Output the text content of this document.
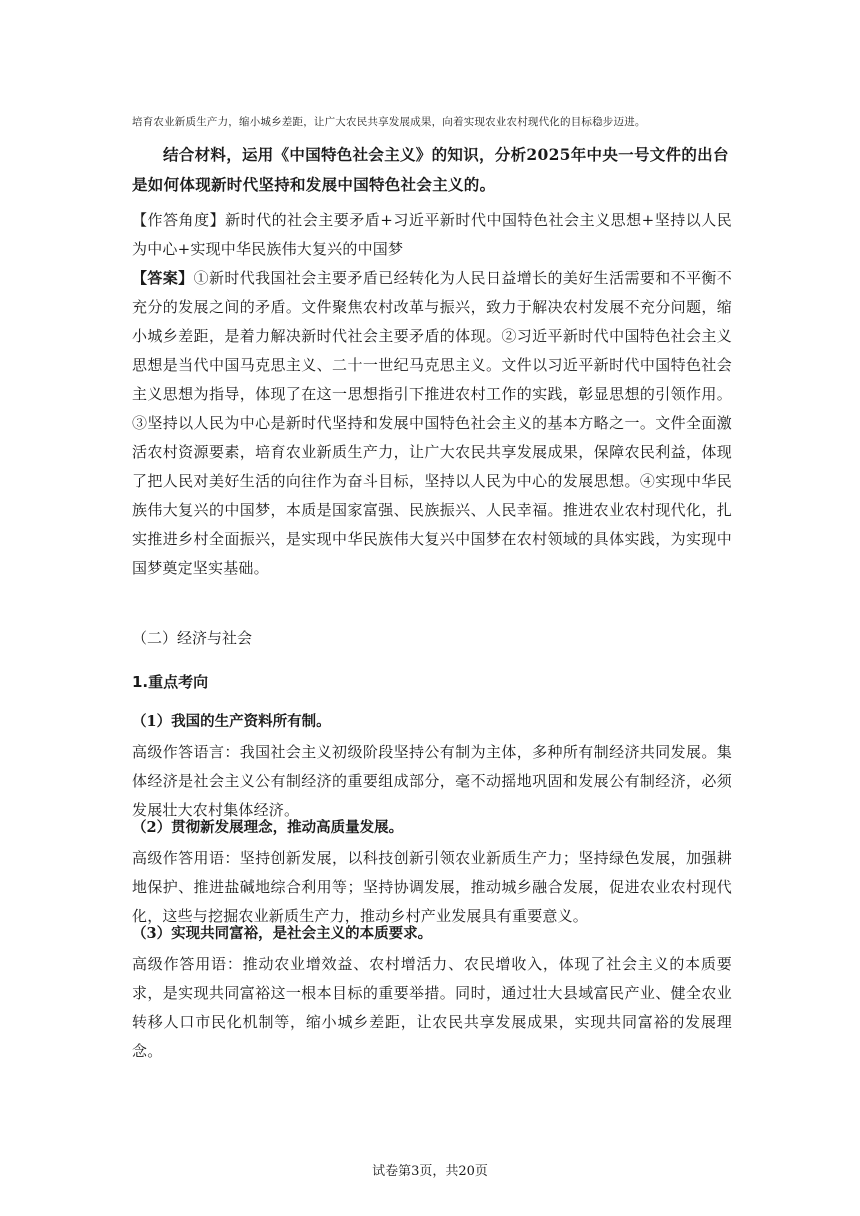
培育农业新质生产力，缩小城乡差距，让广大农民共享发展成果，向着实现农业农村现代化的目标稳步迈进。

结合材料，运用《中国特色社会主义》的知识，分析2025年中央一号文件的出台是如何体现新时代坚持和发展中国特色社会主义的。

【作答角度】新时代的社会主要矛盾+习近平新时代中国特色社会主义思想+坚持以人民为中心+实现中华民族伟大复兴的中国梦

【答案】①新时代我国社会主要矛盾已经转化为人民日益增长的美好生活需要和不平衡不充分的发展之间的矛盾。文件聚焦农村改革与振兴，致力于解决农村发展不充分问题，缩小城乡差距，是着力解决新时代社会主要矛盾的体现。②习近平新时代中国特色社会主义思想是当代中国马克思主义、二十一世纪马克思主义。文件以习近平新时代中国特色社会主义思想为指导，体现了在这一思想指引下推进农村工作的实践，彰显思想的引领作用。③坚持以人民为中心是新时代坚持和发展中国特色社会主义的基本方略之一。文件全面激活农村资源要素，培育农业新质生产力，让广大农民共享发展成果，保障农民利益，体现了把人民对美好生活的向往作为奋斗目标，坚持以人民为中心的发展思想。④实现中华民族伟大复兴的中国梦，本质是国家富强、民族振兴、人民幸福。推进农业农村现代化，扎实推进乡村全面振兴，是实现中华民族伟大复兴中国梦在农村领域的具体实践，为实现中国梦奠定坚实基础。

（二）经济与社会
1.重点考向

（1）我国的生产资料所有制。

高级作答语言：我国社会主义初级阶段坚持公有制为主体，多种所有制经济共同发展。集体经济是社会主义公有制经济的重要组成部分，毫不动摇地巩固和发展公有制经济，必须发展壮大农村集体经济。

（2）贯彻新发展理念，推动高质量发展。

高级作答用语：坚持创新发展，以科技创新引领农业新质生产力；坚持绿色发展，加强耕地保护、推进盐碱地综合利用等；坚持协调发展，推动城乡融合发展，促进农业农村现代化，这些与挖掘农业新质生产力，推动乡村产业发展具有重要意义。

（3）实现共同富裕，是社会主义的本质要求。

高级作答用语：推动农业增效益、农村增活力、农民增收入，体现了社会主义的本质要求，是实现共同富裕这一根本目标的重要举措。同时，通过壮大县域富民产业、健全农业转移人口市民化机制等，缩小城乡差距，让农民共享发展成果，实现共同富裕的发展理念。

试卷第3页，共20页
